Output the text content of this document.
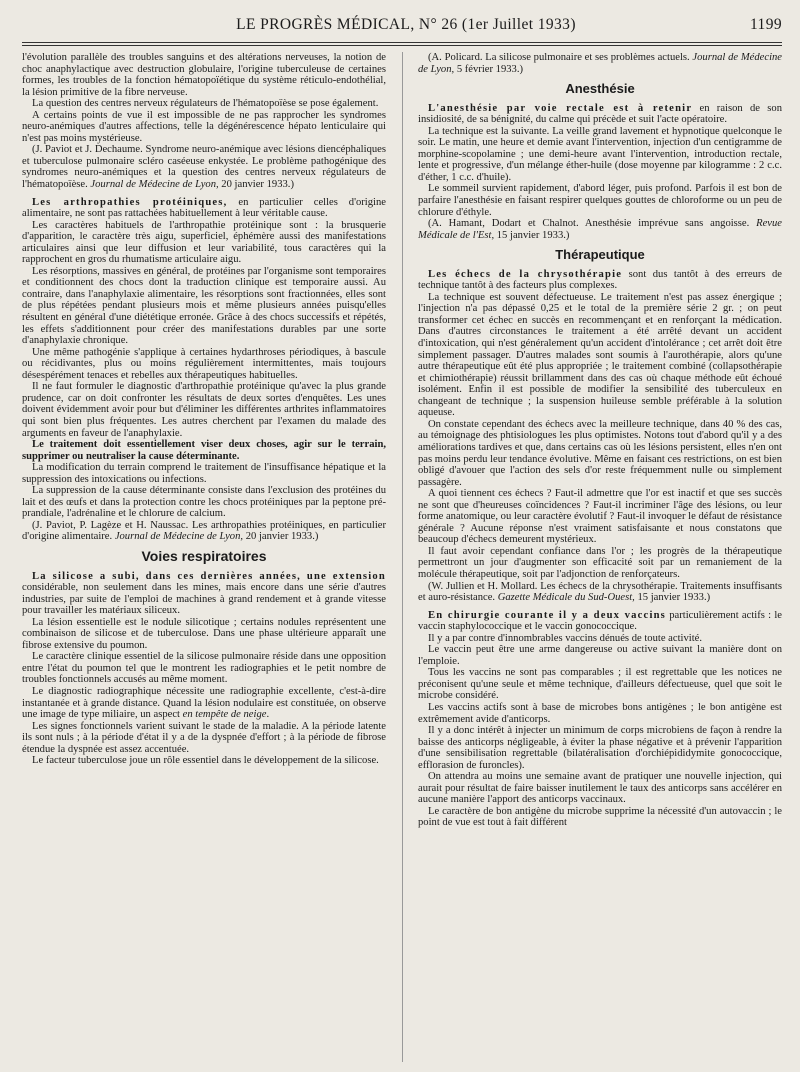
LE PROGRÈS MÉDICAL, N° 26 (1er Juillet 1933)	1199

l'évolution parallèle des troubles sanguins et des altérations nerveuses, la notion de choc anaphylactique avec destruction globulaire, l'origine tuberculeuse de certaines formes, les troubles de la fonction hématopoïétique du système réticulo-endothélial, la lésion primitive de la fibre nerveuse.

La question des centres nerveux régulateurs de l'hématopoïèse se pose également.

A certains points de vue il est impossible de ne pas rapprocher les syndromes neuro-anémiques d'autres affections, telle la dégénérescence hépato lenticulaire qui n'est pas moins mystérieuse.

(J. Paviot et J. Dechaume. Syndrome neuro-anémique avec lésions diencéphaliques et tuberculose pulmonaire scléro caséeuse enkystée. Le problème pathogénique des syndromes neuro-anémiques et la question des centres nerveux régulateurs de l'hématopoïèse. Journal de Médecine de Lyon, 20 janvier 1933.)

Les arthropathies protéiniques, en particulier celles d'origine alimentaire, ne sont pas rattachées habituellement à leur véritable cause.

Les caractères habituels de l'arthropathie protéinique sont : la brusquerie d'apparition, le caractère très aigu, superficiel, éphémère aussi des manifestations articulaires ainsi que leur diffusion et leur variabilité, tous caractères qui la rapprochent en gros du rhumatisme articulaire aigu.

Les résorptions, massives en général, de protéines par l'organisme sont temporaires et conditionnent des chocs dont la traduction clinique est temporaire aussi. Au contraire, dans l'anaphylaxie alimentaire, les résorptions sont fractionnées, elles sont de plus répétées pendant plusieurs mois et même plusieurs années puisqu'elles résultent en général d'une diététique erronée. Grâce à des chocs successifs et répétés, les effets s'additionnent pour créer des manifestations durables par une sorte d'anaphylaxie chronique.

Une même pathogénie s'applique à certaines hydarthroses périodiques, à bascule ou récidivantes, plus ou moins régulièrement intermittentes, mais toujours désespérément tenaces et rebelles aux thérapeutiques habituelles.

Il ne faut formuler le diagnostic d'arthropathie protéinique qu'avec la plus grande prudence, car on doit confronter les résultats de deux sortes d'enquêtes. Les unes doivent évidemment avoir pour but d'éliminer les différentes arthrites inflammatoires qui sont bien plus fréquentes. Les autres cherchent par l'examen du malade des arguments en faveur de l'anaphylaxie.

Le traitement doit essentiellement viser deux choses, agir sur le terrain, supprimer ou neutraliser la cause déterminante.

La modification du terrain comprend le traitement de l'insuffisance hépatique et la suppression des intoxications ou infections.

La suppression de la cause déterminante consiste dans l'exclusion des protéines du lait et des œufs et dans la protection contre les chocs protéiniques par la peptone pré-prandiale, l'adrénaline et le chlorure de calcium.

(J. Paviot, P. Lagèze et H. Naussac. Les arthropathies protéiniques, en particulier d'origine alimentaire. Journal de Médecine de Lyon, 20 janvier 1933.)

Voies respiratoires

La silicose a subi, dans ces dernières années, une extension considérable, non seulement dans les mines, mais encore dans une série d'autres industries, par suite de l'emploi de machines à grand rendement et à grande vitesse pour travailler les matériaux siliceux.

La lésion essentielle est le nodule silicotique ; certains nodules représentent une combinaison de silicose et de tuberculose. Dans une phase ultérieure apparaît une fibrose extensive du poumon.

Le caractère clinique essentiel de la silicose pulmonaire réside dans une opposition entre l'état du poumon tel que le montrent les radiographies et le petit nombre de troubles fonctionnels accusés au même moment.

Le diagnostic radiographique nécessite une radiographie excellente, c'est-à-dire instantanée et à grande distance. Quand la lésion nodulaire est constituée, on observe une image de type miliaire, un aspect en tempête de neige.

Les signes fonctionnels varient suivant le stade de la maladie. A la période latente ils sont nuls ; à la période d'état il y a de la dyspnée d'effort ; à la période de fibrose étendue la dyspnée est assez accentuée.

Le facteur tuberculose joue un rôle essentiel dans le développement de la silicose.

(A. Policard. La silicose pulmonaire et ses problèmes actuels. Journal de Médecine de Lyon, 5 février 1933.)

Anesthésie

L'anesthésie par voie rectale est à retenir en raison de son insidiosité, de sa bénignité, du calme qui précède et suit l'acte opératoire.

La technique est la suivante. La veille grand lavement et hypnotique quelconque le soir. Le matin, une heure et demie avant l'intervention, injection d'un centigramme de morphine-scopolamine ; une demi-heure avant l'intervention, introduction rectale, lente et progressive, d'un mélange éther-huile (dose moyenne par kilogramme : 2 c.c. d'éther, 1 c.c. d'huile).

Le sommeil survient rapidement, d'abord léger, puis profond. Parfois il est bon de parfaire l'anesthésie en faisant respirer quelques gouttes de chloroforme ou un peu de chlorure d'éthyle.

(A. Hamant, Dodart et Chalnot. Anesthésie imprévue sans angoisse. Revue Médicale de l'Est, 15 janvier 1933.)

Thérapeutique

Les échecs de la chrysothérapie sont dus tantôt à des erreurs de technique tantôt à des facteurs plus complexes.

La technique est souvent défectueuse. Le traitement n'est pas assez énergique ; l'injection n'a pas dépassé 0,25 et le total de la première série 2 gr. ; on peut transformer cet échec en succès en recommençant et en renforçant la médication. Dans d'autres circonstances le traitement a été arrêté devant un accident d'intoxication, qui n'est généralement qu'un accident d'intolérance ; cet arrêt doit être simplement passager. D'autres malades sont soumis à l'aurothérapie, alors qu'une autre thérapeutique eût été plus appropriée ; le traitement combiné (collapsothérapie et chimiothérapie) réussit brillamment dans des cas où chaque méthode eût échoué isolément. Enfin il est possible de modifier la sensibilité des tuberculeux en changeant de technique ; la suspension huileuse semble préférable à la solution aqueuse.

On constate cependant des échecs avec la meilleure technique, dans 40 % des cas, au témoignage des phtisiologues les plus optimistes. Notons tout d'abord qu'il y a des améliorations tardives et que, dans certains cas où les lésions persistent, elles n'en ont pas moins perdu leur tendance évolutive. Même en faisant ces restrictions, on est bien obligé d'avouer que l'action des sels d'or reste fréquemment nulle ou simplement passagère.

A quoi tiennent ces échecs ? Faut-il admettre que l'or est inactif et que ses succès ne sont que d'heureuses coïncidences ? Faut-il incriminer l'âge des lésions, ou leur forme anatomique, ou leur caractère évolutif ? Faut-il invoquer le défaut de résistance générale ? Aucune réponse n'est vraiment satisfaisante et nous constatons que beaucoup d'échecs demeurent mystérieux.

Il faut avoir cependant confiance dans l'or ; les progrès de la thérapeutique permettront un jour d'augmenter son efficacité soit par un remaniement de la molécule thérapeutique, soit par l'adjonction de renforçateurs.

(W. Jullien et H. Mollard. Les échecs de la chrysothérapie. Traitements insuffisants et auro-résistance. Gazette Médicale du Sud-Ouest, 15 janvier 1933.)

En chirurgie courante il y a deux vaccins particulièrement actifs : le vaccin staphylococcique et le vaccin gonococcique.

Il y a par contre d'innombrables vaccins dénués de toute activité.

Le vaccin peut être une arme dangereuse ou active suivant la manière dont on l'emploie.

Tous les vaccins ne sont pas comparables ; il est regrettable que les notices ne préconisent qu'une seule et même technique, d'ailleurs défectueuse, quel que soit le microbe considéré.

Les vaccins actifs sont à base de microbes bons antigènes ; le bon antigène est extrêmement avide d'anticorps.

Il y a donc intérêt à injecter un minimum de corps microbiens de façon à rendre la baisse des anticorps négligeable, à éviter la phase négative et à prévenir l'apparition d'une sensibilisation regrettable (bilatéralisation d'orchiépididymite gonococcique, efflorasion de furoncles).

On attendra au moins une semaine avant de pratiquer une nouvelle injection, qui aurait pour résultat de faire baisser inutilement le taux des anticorps sans accélérer en aucune manière l'apport des anticorps vaccinaux.

Le caractère de bon antigène du microbe supprime la nécessité d'un autovaccin ; le point de vue est tout à fait différent
